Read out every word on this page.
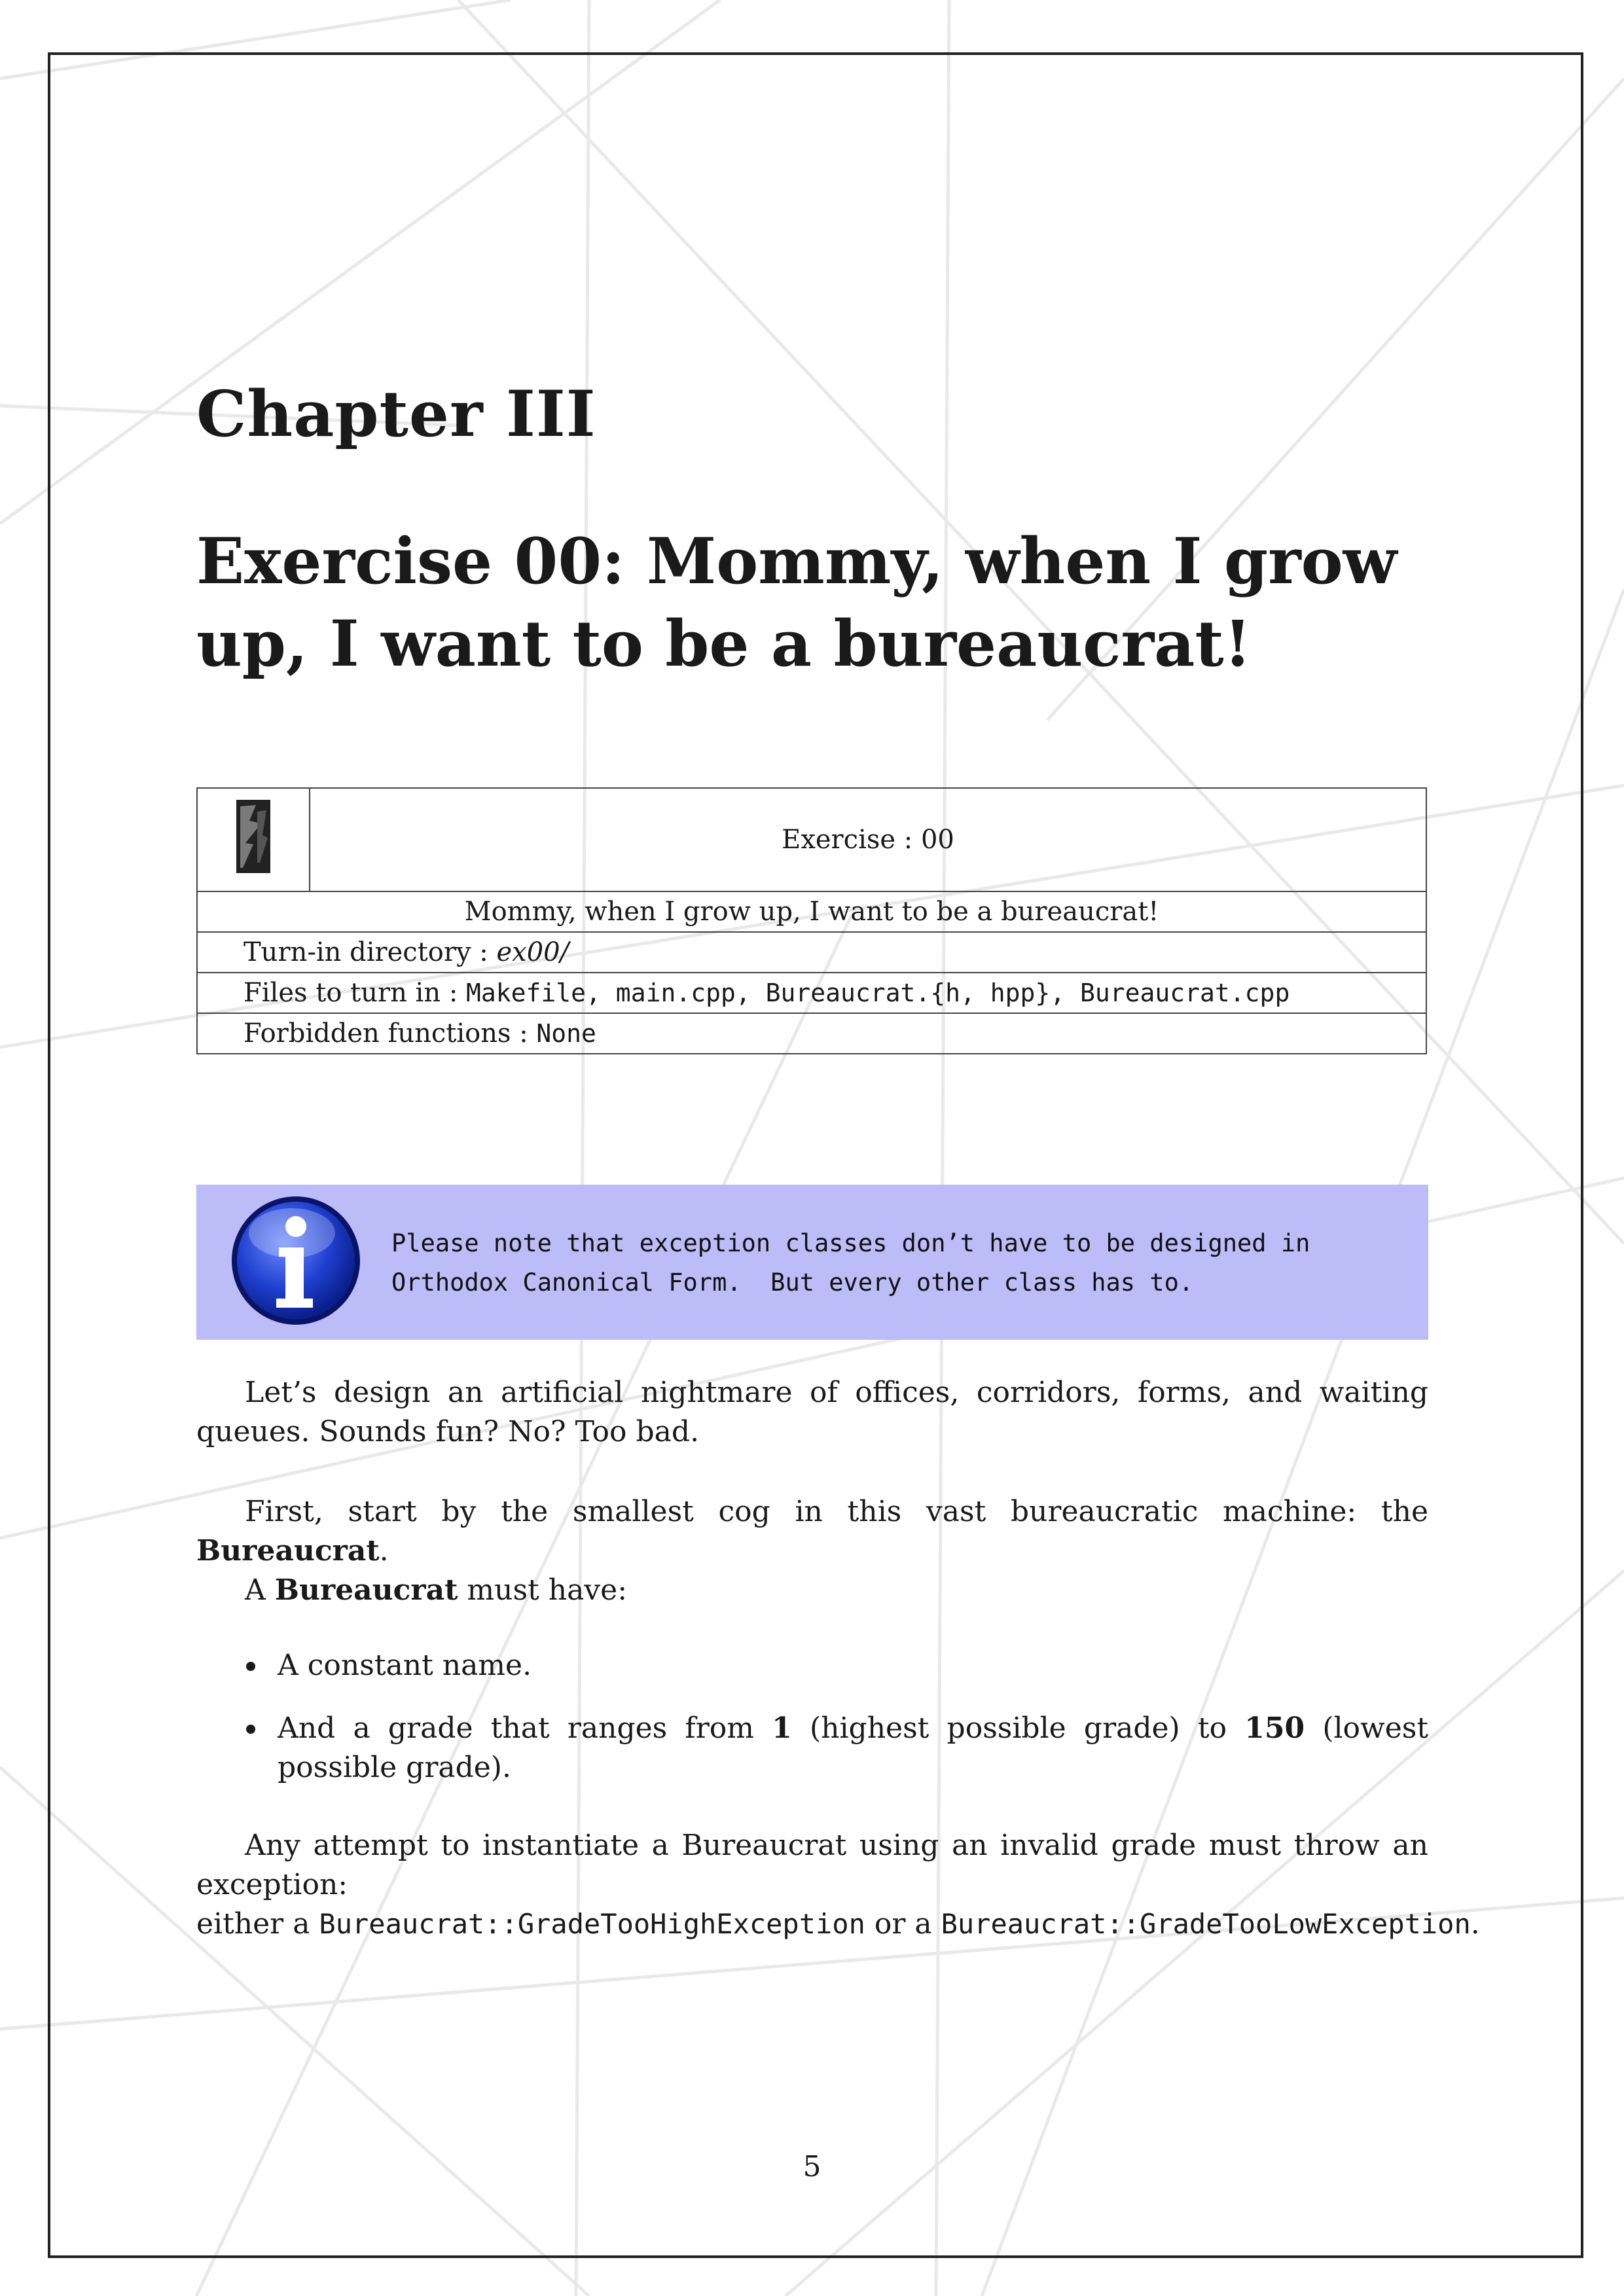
Chapter III
Exercise 00: Mommy, when I grow up, I want to be a bureaucrat!
	Exercise : 00
Mommy, when I grow up, I want to be a bureaucrat!
Turn-in directory : ex00/
Files to turn in : Makefile, main.cpp, Bureaucrat.{h, hpp}, Bureaucrat.cpp
Forbidden functions : None
Please note that exception classes don’t have to be designed in
Orthodox Canonical Form.  But every other class has to.

Let’s design an artificial nightmare of offices, corridors, forms, and waiting queues. Sounds fun? No? Too bad.

First, start by the smallest cog in this vast bureaucratic machine: the Bureaucrat.

A Bureaucrat must have:

A constant name.
And a grade that ranges from 1 (highest possible grade) to 150 (lowest possible grade).

Any attempt to instantiate a Bureaucrat using an invalid grade must throw an exception:

either a Bureaucrat::GradeTooHighException or a Bureaucrat::GradeTooLowException.

5
